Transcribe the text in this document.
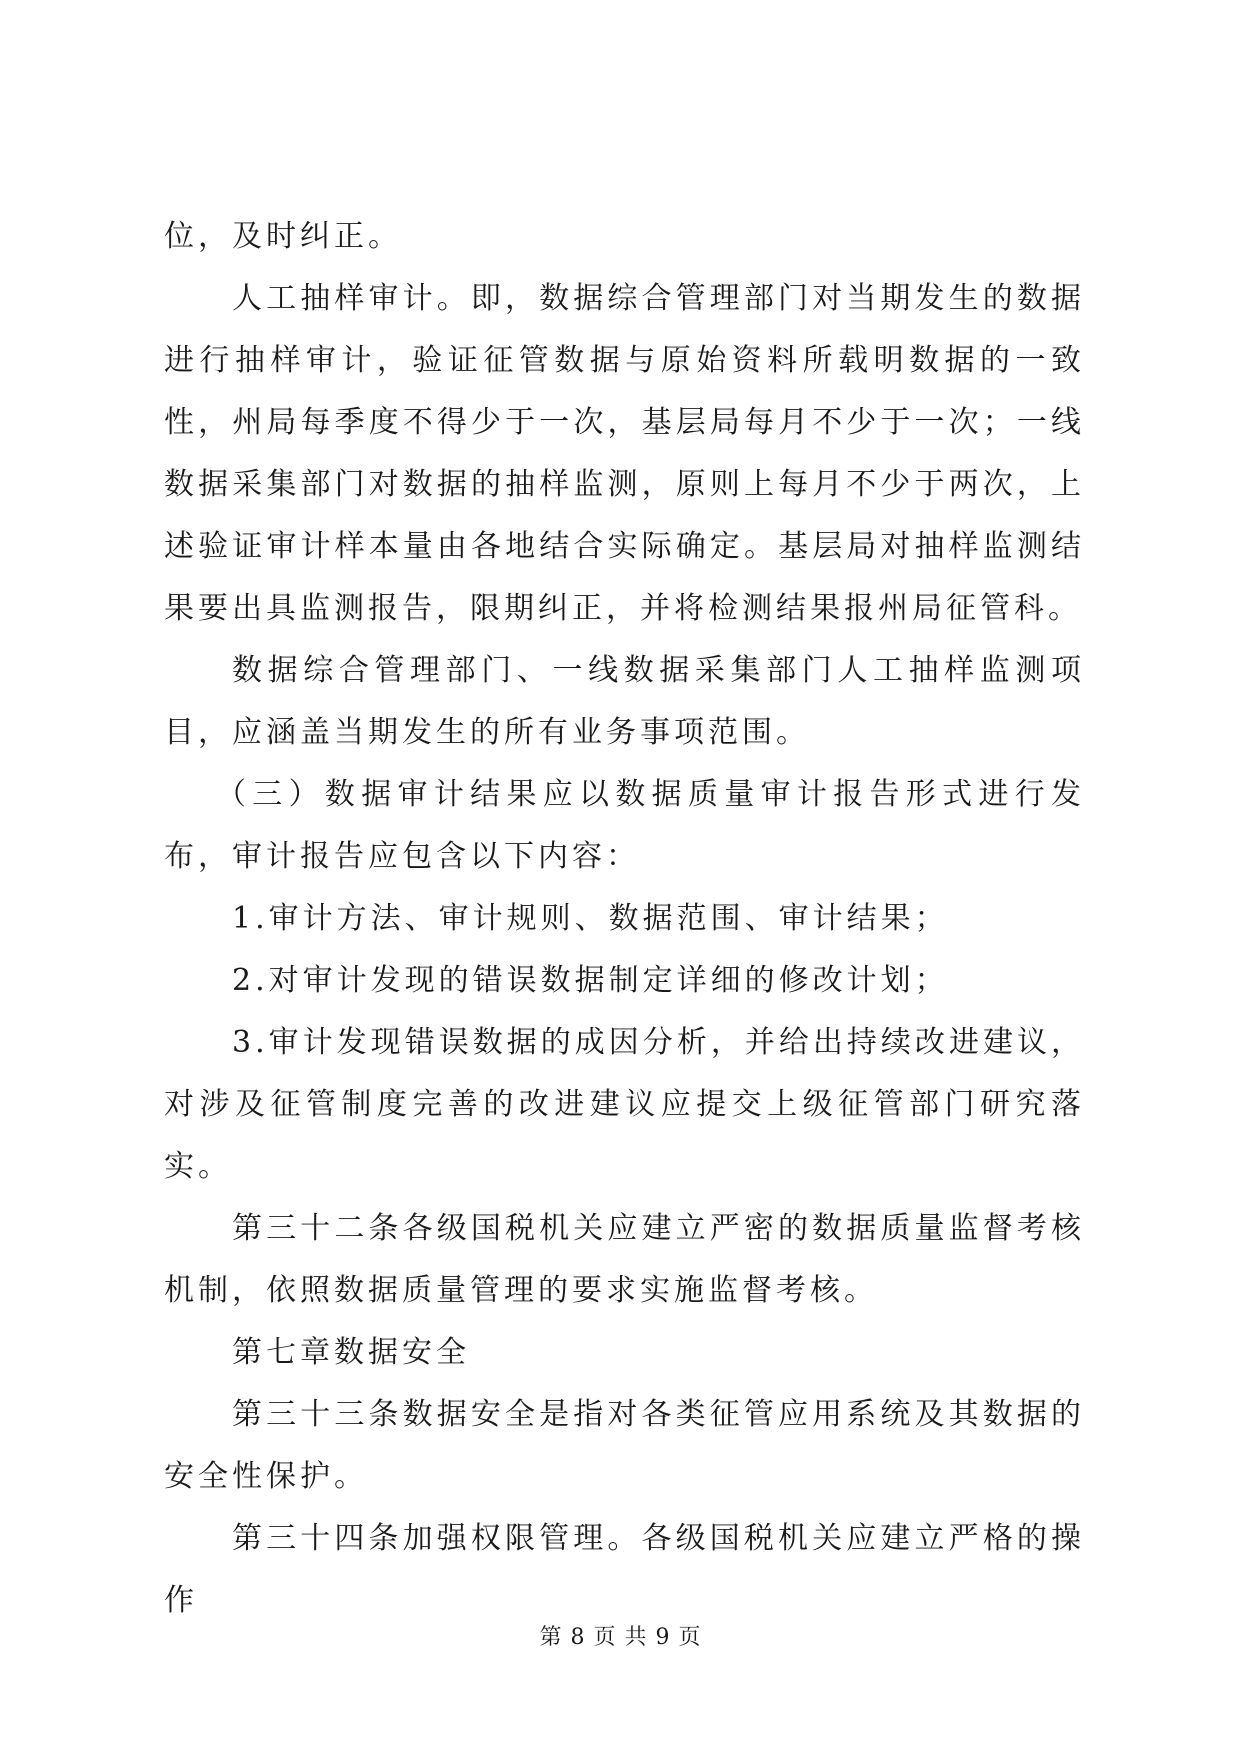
位，及时纠正。

人工抽样审计。即，数据综合管理部门对当期发生的数据进行抽样审计，验证征管数据与原始资料所载明数据的一致性，州局每季度不得少于一次，基层局每月不少于一次；一线数据采集部门对数据的抽样监测，原则上每月不少于两次，上述验证审计样本量由各地结合实际确定。基层局对抽样监测结果要出具监测报告，限期纠正，并将检测结果报州局征管科。

数据综合管理部门、一线数据采集部门人工抽样监测项目，应涵盖当期发生的所有业务事项范围。

（三）数据审计结果应以数据质量审计报告形式进行发布，审计报告应包含以下内容：

1.审计方法、审计规则、数据范围、审计结果；

2.对审计发现的错误数据制定详细的修改计划；

3.审计发现错误数据的成因分析，并给出持续改进建议，对涉及征管制度完善的改进建议应提交上级征管部门研究落实。

第三十二条各级国税机关应建立严密的数据质量监督考核机制，依照数据质量管理的要求实施监督考核。

第七章数据安全

第三十三条数据安全是指对各类征管应用系统及其数据的安全性保护。

第三十四条加强权限管理。各级国税机关应建立严格的操作

第 8 页 共 9 页
